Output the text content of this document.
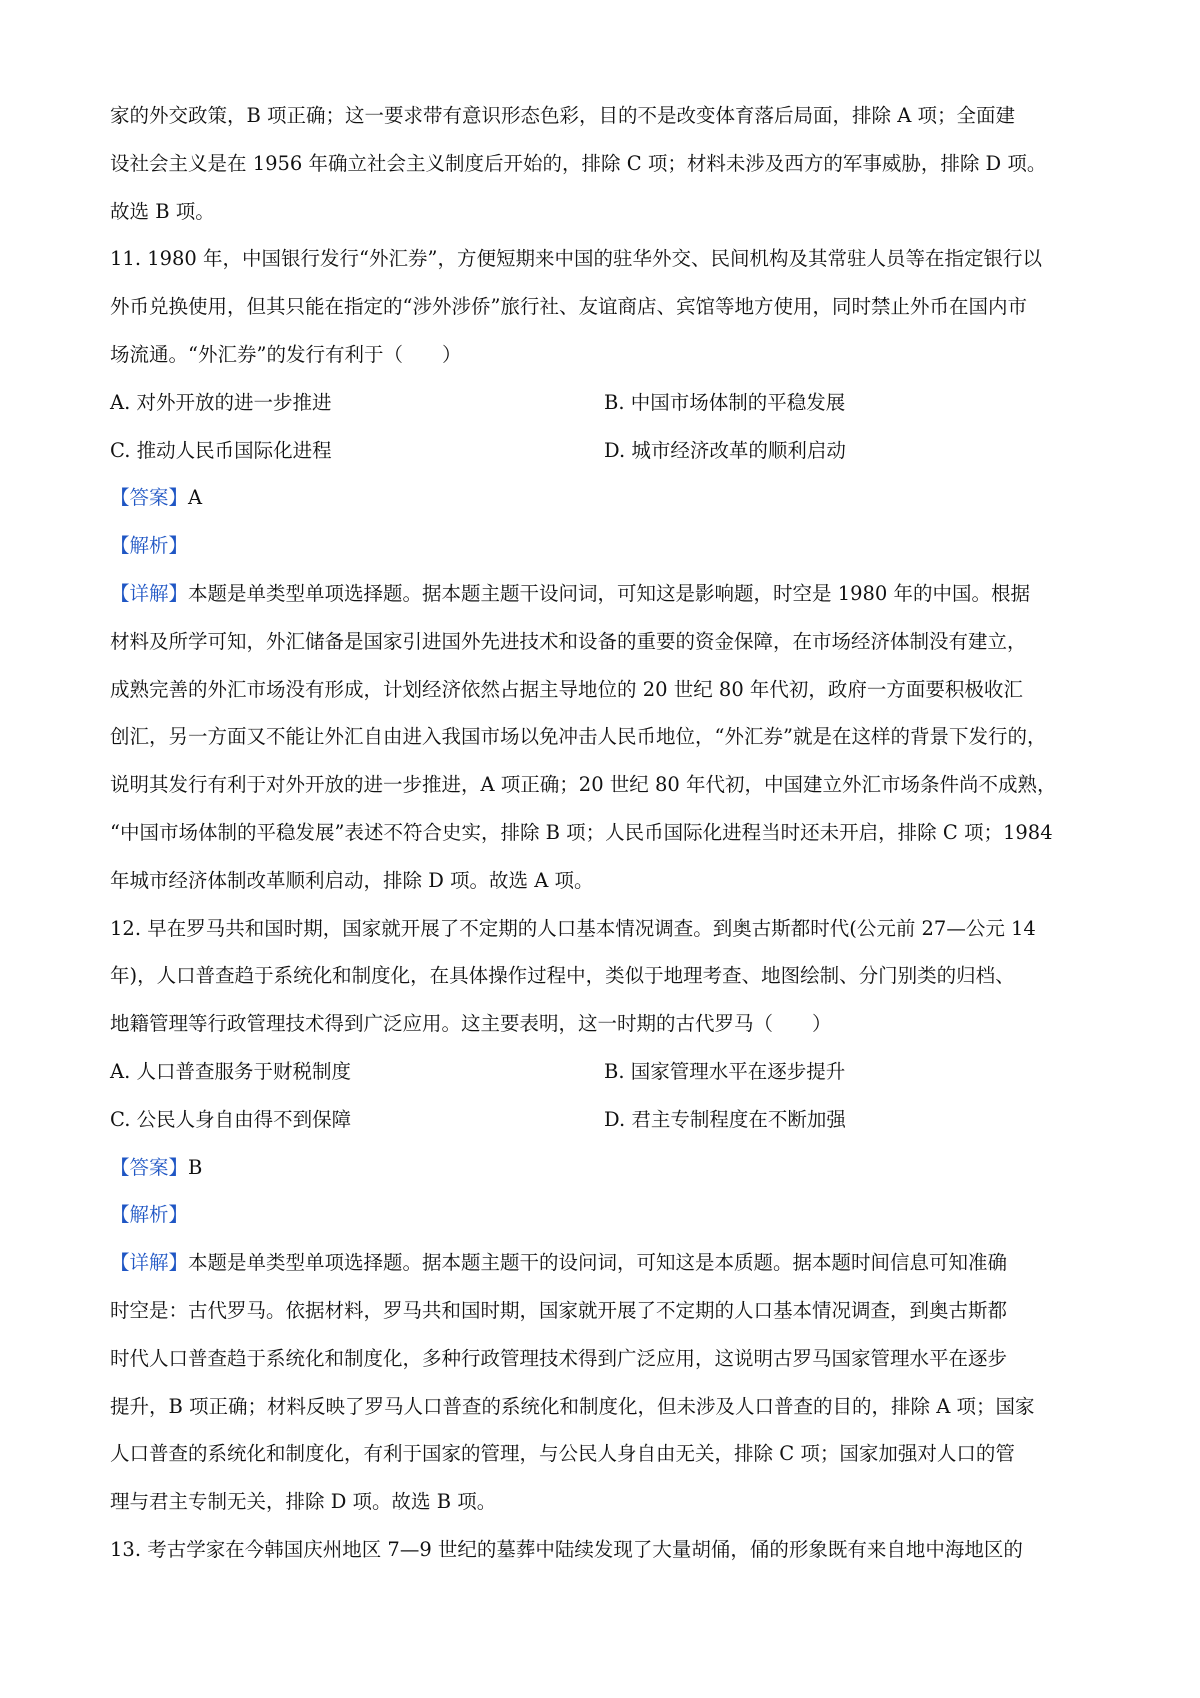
家的外交政策，B 项正确；这一要求带有意识形态色彩，目的不是改变体育落后局面，排除 A 项；全面建
设社会主义是在 1956 年确立社会主义制度后开始的，排除 C 项；材料未涉及西方的军事威胁，排除 D 项。
故选 B 项。
11. 1980 年，中国银行发行“外汇券”，方便短期来中国的驻华外交、民间机构及其常驻人员等在指定银行以
外币兑换使用，但其只能在指定的“涉外涉侨”旅行社、友谊商店、宾馆等地方使用，同时禁止外币在国内市
场流通。“外汇券”的发行有利于（　　）
A. 对外开放的进一步推进	B. 中国市场体制的平稳发展
C. 推动人民币国际化进程	D. 城市经济改革的顺利启动
【答案】A
【解析】
【详解】本题是单类型单项选择题。据本题主题干设问词，可知这是影响题，时空是 1980 年的中国。根据
材料及所学可知，外汇储备是国家引进国外先进技术和设备的重要的资金保障，在市场经济体制没有建立，
成熟完善的外汇市场没有形成，计划经济依然占据主导地位的 20 世纪 80 年代初，政府一方面要积极收汇
创汇，另一方面又不能让外汇自由进入我国市场以免冲击人民币地位，“外汇券”就是在这样的背景下发行的，
说明其发行有利于对外开放的进一步推进，A 项正确；20 世纪 80 年代初，中国建立外汇市场条件尚不成熟，
“中国市场体制的平稳发展”表述不符合史实，排除 B 项；人民币国际化进程当时还未开启，排除 C 项；1984
年城市经济体制改革顺利启动，排除 D 项。故选 A 项。
12. 早在罗马共和国时期，国家就开展了不定期的人口基本情况调查。到奥古斯都时代(公元前 27—公元 14
年)，人口普查趋于系统化和制度化，在具体操作过程中，类似于地理考查、地图绘制、分门别类的归档、
地籍管理等行政管理技术得到广泛应用。这主要表明，这一时期的古代罗马（　　）
A. 人口普查服务于财税制度	B. 国家管理水平在逐步提升
C. 公民人身自由得不到保障	D. 君主专制程度在不断加强
【答案】B
【解析】
【详解】本题是单类型单项选择题。据本题主题干的设问词，可知这是本质题。据本题时间信息可知准确
时空是：古代罗马。依据材料，罗马共和国时期，国家就开展了不定期的人口基本情况调查，到奥古斯都
时代人口普查趋于系统化和制度化，多种行政管理技术得到广泛应用，这说明古罗马国家管理水平在逐步
提升，B 项正确；材料反映了罗马人口普查的系统化和制度化，但未涉及人口普查的目的，排除 A 项；国家
人口普查的系统化和制度化，有利于国家的管理，与公民人身自由无关，排除 C 项；国家加强对人口的管
理与君主专制无关，排除 D 项。故选 B 项。
13. 考古学家在今韩国庆州地区 7—9 世纪的墓葬中陆续发现了大量胡俑，俑的形象既有来自地中海地区的
